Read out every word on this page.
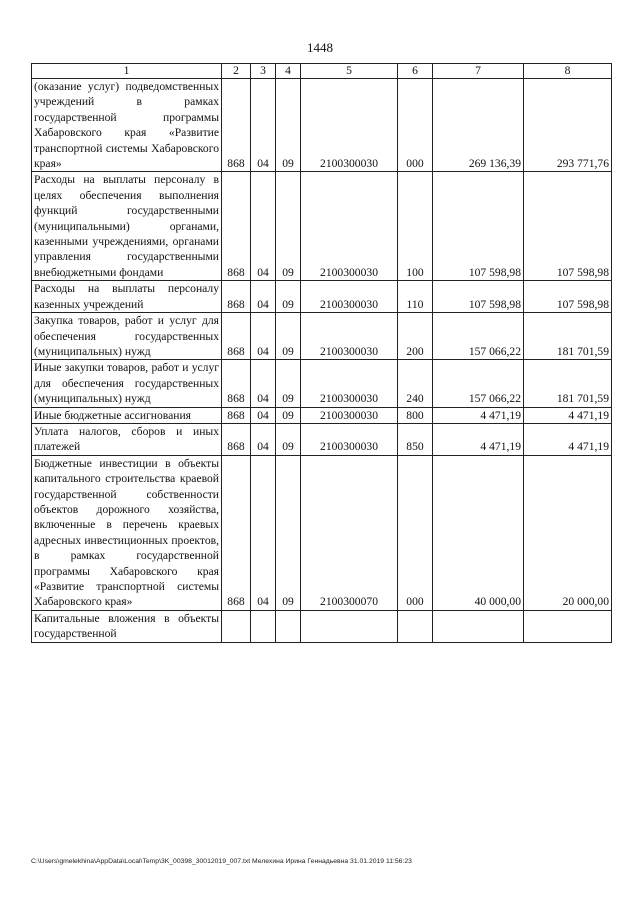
1448
1	2	3	4	5	6	7	8
(оказание услуг) подведомственных учреждений в рамках государственной программы Хабаровского края «Развитие транспортной системы Хабаровского края»	868	04	09	2100300030	000	269 136,39	293 771,76
Расходы на выплаты персоналу в целях обеспечения выполнения функций государственными (муниципальными) органами, казенными учреждениями, органами управления государственными внебюджетными фондами	868	04	09	2100300030	100	107 598,98	107 598,98
Расходы на выплаты персоналу казенных учреждений	868	04	09	2100300030	110	107 598,98	107 598,98
Закупка товаров, работ и услуг для обеспечения государственных (муниципальных) нужд	868	04	09	2100300030	200	157 066,22	181 701,59
Иные закупки товаров, работ и услуг для обеспечения государственных (муниципальных) нужд	868	04	09	2100300030	240	157 066,22	181 701,59
Иные бюджетные ассигнования	868	04	09	2100300030	800	4 471,19	4 471,19
Уплата налогов, сборов и иных платежей	868	04	09	2100300030	850	4 471,19	4 471,19
Бюджетные инвестиции в объекты капитального строительства краевой государственной собственности объектов дорожного хозяйства, включенные в перечень краевых адресных инвестиционных проектов, в рамках государственной программы Хабаровского края «Развитие транспортной системы Хабаровского края»	868	04	09	2100300070	000	40 000,00	20 000,00
Капитальные вложения в объекты государственной							
C:\Users\gmelekhina\AppData\Local\Temp\3K_00398_30012019_007.txt Мелехина Ирина Геннадьевна 31.01.2019 11:56:23
